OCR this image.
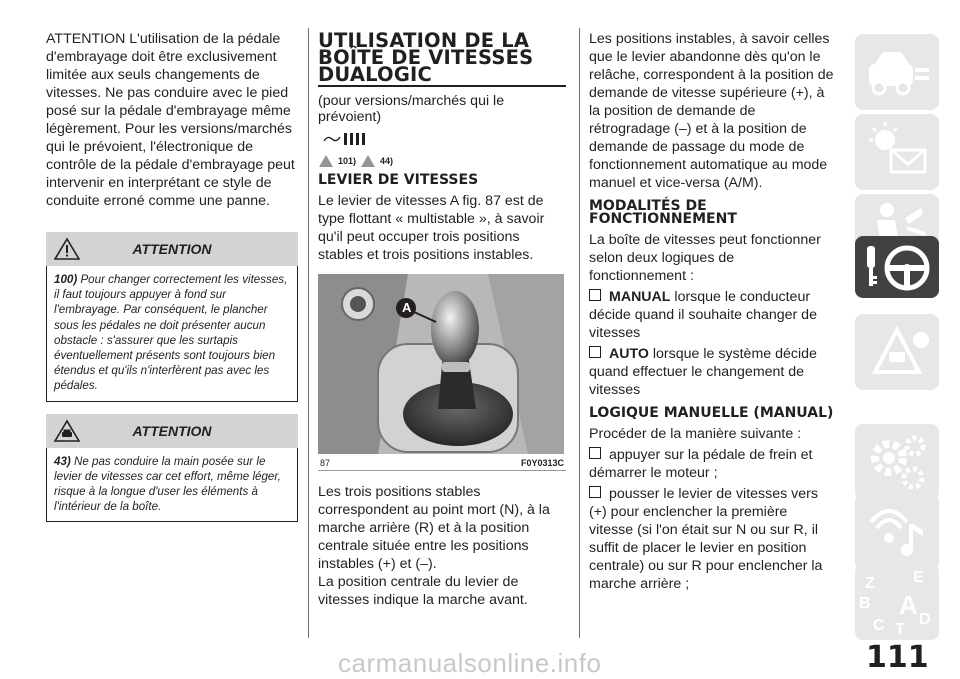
ATTENTION L'utilisation de la pédale d'embrayage doit être exclusivement limitée aux seuls changements de vitesses. Ne pas conduire avec le pied posé sur la pédale d'embrayage même légèrement. Pour les versions/marchés qui le prévoient, l'électronique de contrôle de la pédale d'embrayage peut intervenir en interprétant ce style de conduite erroné comme une panne.

ATTENTION
100) Pour changer correctement les vitesses, il faut toujours appuyer à fond sur l'embrayage. Par conséquent, le plancher sous les pédales ne doit présenter aucun obstacle : s'assurer que les surtapis éventuellement présents sont toujours bien étendus et qu'ils n'interfèrent pas avec les pédales.
ATTENTION
43) Ne pas conduire la main posée sur le levier de vitesses car cet effort, même léger, risque à la longue d'user les éléments à l'intérieur de la boîte.
UTILISATION DE LA BOÎTE DE VITESSES DUALOGIC

(pour versions/marchés qui le prévoient)

101)	44)
LEVIER DE VITESSES

Le levier de vitesses A fig. 87 est de type flottant « multistable », à savoir qu'il peut occuper trois positions stables et trois positions instables.

A
87	F0Y0313C

Les trois positions stables correspondent au point mort (N), à la marche arrière (R) et à la position centrale située entre les positions instables (+) et (–).

La position centrale du levier de vitesses indique la marche avant.

Les positions instables, à savoir celles que le levier abandonne dès qu'on le relâche, correspondent à la position de demande de vitesse supérieure (+), à la position de demande de rétrogradage (–) et à la position de demande de passage du mode de fonctionnement automatique au mode manuel et vice-versa (A/M).

MODALITÉS DE FONCTIONNEMENT

La boîte de vitesses peut fonctionner selon deux logiques de fonctionnement :

MANUAL lorsque le conducteur décide quand il souhaite changer de vitesses

AUTO lorsque le système décide quand effectuer le changement de vitesses

LOGIQUE MANUELLE (MANUAL)

Procéder de la manière suivante :

appuyer sur la pédale de frein et démarrer le moteur ;

pousser le levier de vitesses vers (+) pour enclencher la première vitesse (si l'on était sur N ou sur R, il suffit de placer le levier en position centrale) ou sur R pour enclencher la marche arrière ;	Z E
B A
C T
D
carmanualsonline.info	111
